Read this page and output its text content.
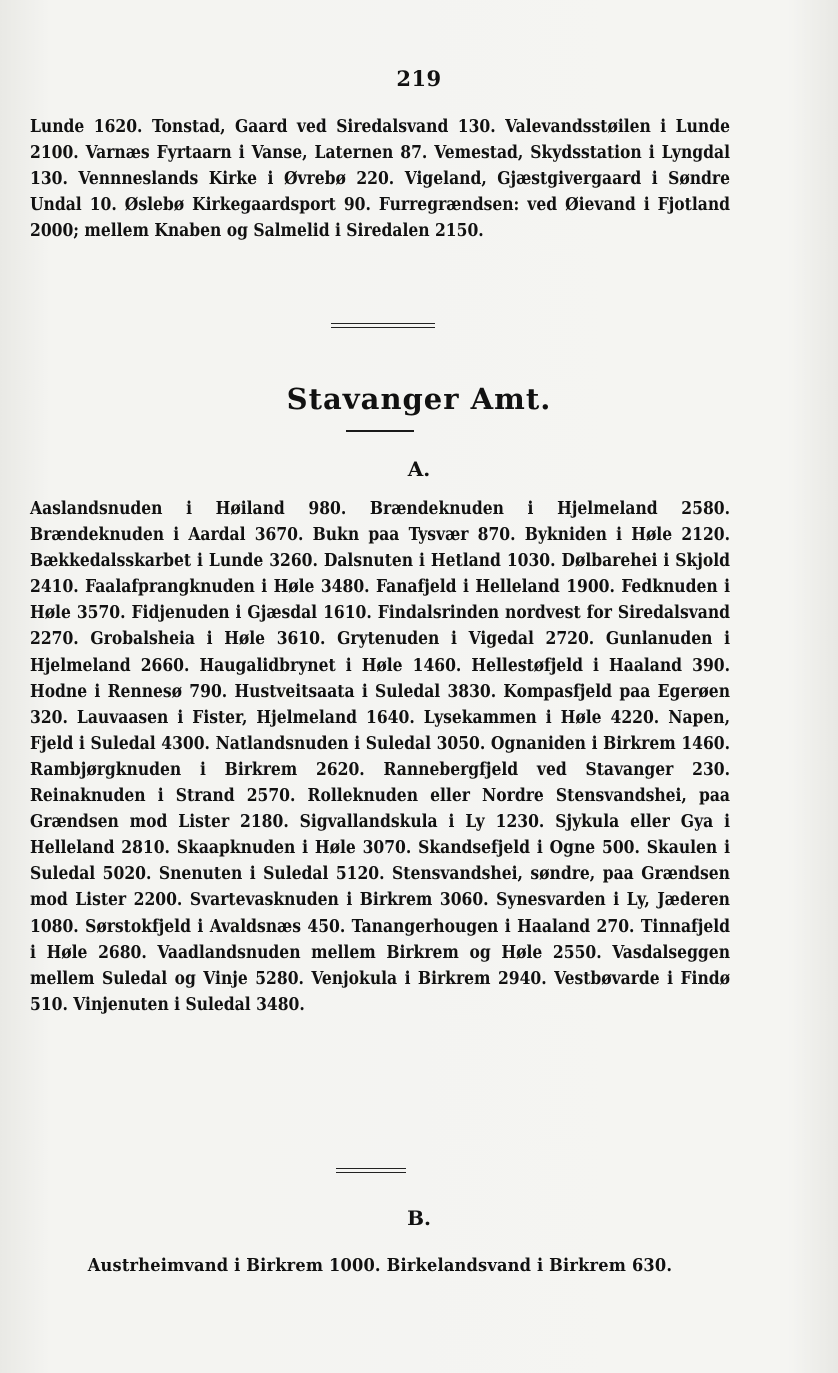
219
Lunde 1620. Tonstad, Gaard ved Siredalsvand 130. Valevandsstøilen i Lunde 2100. Varnæs Fyrtaarn i Vanse, Laternen 87. Vemestad, Skydsstation i Lyngdal 130. Vennneslands Kirke i Øvrebø 220. Vigeland, Gjæstgivergaard i Søndre Undal 10. Øslebø Kirkegaardsport 90. Furregrændsen: ved Øievand i Fjotland 2000; mellem Knaben og Salmelid i Siredalen 2150.
Stavanger Amt.
A.
Aaslandsnuden i Høiland 980. Brændeknuden i Hjelmeland 2580. Brændeknuden i Aardal 3670. Bukn paa Tysvær 870. Bykniden i Høle 2120. Bækkedalsskarbet i Lunde 3260. Dalsnuten i Hetland 1030. Dølbarehei i Skjold 2410. Faalafprangknuden i Høle 3480. Fanafjeld i Helleland 1900. Fedknuden i Høle 3570. Fidjenuden i Gjæsdal 1610. Findalsrinden nordvest for Siredalsvand 2270. Grobalsheia i Høle 3610. Grytenuden i Vigedal 2720. Gunlanuden i Hjelmeland 2660. Haugalidbrynet i Høle 1460. Hellestøfjeld i Haaland 390. Hodne i Rennesø 790. Hustveitsaata i Suledal 3830. Kompasfjeld paa Egerøen 320. Lauvaasen i Fister, Hjelmeland 1640. Lysekammen i Høle 4220. Napen, Fjeld i Suledal 4300. Natlandsnuden i Suledal 3050. Ognaniden i Birkrem 1460. Rambjørgknuden i Birkrem 2620. Rannebergfjeld ved Stavanger 230. Reinaknuden i Strand 2570. Rolleknuden eller Nordre Stensvandshei, paa Grændsen mod Lister 2180. Sigvallandskula i Ly 1230. Sjykula eller Gya i Helleland 2810. Skaapknuden i Høle 3070. Skandsefjeld i Ogne 500. Skaulen i Suledal 5020. Snenuten i Suledal 5120. Stensvandshei, søndre, paa Grændsen mod Lister 2200. Svartevasknuden i Birkrem 3060. Synesvarden i Ly, Jæderen 1080. Sørstokfjeld i Avaldsnæs 450. Tanangerhougen i Haaland 270. Tinnafjeld i Høle 2680. Vaadlandsnuden mellem Birkrem og Høle 2550. Vasdalseggen mellem Suledal og Vinje 5280. Venjokula i Birkrem 2940. Vestbøvarde i Findø 510. Vinjenuten i Suledal 3480.
B.
Austrheimvand i Birkrem 1000. Birkelandsvand i Birkrem 630.
